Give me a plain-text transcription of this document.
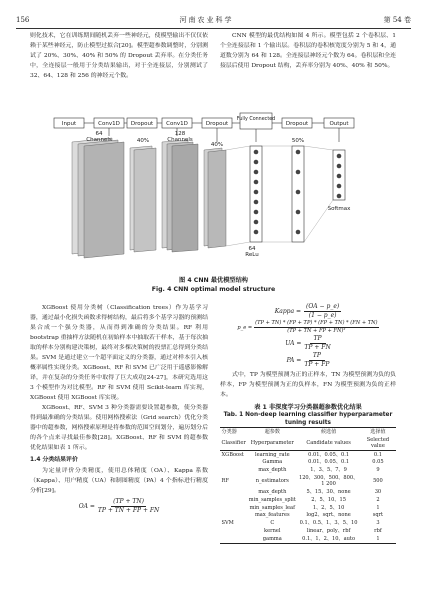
156	河南农业科学	第 54 卷

则化技术，它在训练期间随机丢弃一些神经元，使模型输出不仅仅依赖于某些神经元，防止模型过拟合[20]。模型超参数调整时，分别测试了 20%、30%、40% 和 50% 的 Dropout 丢弃率。在分类任务中，全连接层一般用于分类结果输出，对于全连接层，分别测试了 32、64、128 和 256 的神经元个数。

CNN 模型的最优结构如图 4 所示。模型包括 2 个卷积层、1 个全连接层和 1 个输出层。卷积层的卷积核宽度分别为 5 和 4，通道数分别为 64 和 128。全连接层神经元个数为 64。卷积层和全连接层后使用 Dropout 结构，丢弃率分别为 40%、40% 和 50%。

Input	Conv1D	Conv1D
Dropout	Dropout
Fully Connected
Dropout	Output
64
Channels	40%
128
Channels
40%
64
ReLu
50%
Softmax
图 4 CNN 最优模型结构
Fig. 4 CNN optimal model structure

XGBoost 使用分类树（Classification trees）作为基学习器，通过最小化损失函数求得树结构，最后将多个基学习器的预测结果合成一个强分类器，从而得到准确的分类结果。RF 利用 bootstrap 重抽样方法随机在初始样本中抽取若干样本，基于每次抽取的样本分别构建决策树，最终对多棵决策树的投票汇总得到分类结果。SVM 是通过建立一个超平面定义的分类器，通过对样本引入核概率属性实现分类。XGBoost、RF 和 SVM 已广泛用于遥感影像解译，并在复杂的分类任务中取得了巨大成功[24-27]，本研究选用这 3 个模型作为对比模型。RF 和 SVM 使用 Scikit-learn 库实现，XGBoost 使用 XGBoost 库实现。

XGBoost、RF、SVM 3 种分类器需要设置超参数，使分类器得到最准确的分类结果。使用网格搜索法（Grid search）优化分类器中的超参数，网格搜索原理是将参数的范围空间划分，遍历划分后的各个点来寻找最佳参数[28]。XGBoost、RF 和 SVM 的超参数优化结果如表 1 所示。

1.4 分类结果评价

为定量评价分类精度，使用总体精度（OA）、Kappa 系数（Kappa）、用户精度（UA）和制图精度（PA）4 个指标进行精度分析[29]。

OA = $\frac{(TP + TN)}{TP + TN + FP + FN}$
Kappa = $\frac{(OA - p\_e)}{(1 - p\_e)}$
p_e = $\frac{(TP + TN) * (FP + TP) * (FP + TN) * (FN + TN)}{\text{(TP + TN + FP + FN)²}}$
UA = $\frac{TP}{TP + FN}$
PA = $\frac{TP}{TP + FP}$

式中，TP 为模型预测为正的正样本，TN 为模型预测为负的负样本，FP 为模型预测为正的负样本，FN 为模型预测为负的正样本。

表 1 非深度学习分类器超参数优化结果
Tab. 1 Non-deep learning classifier hyperparameter tuning results
分类器	超参数	候选值	选择值
Classifier	Hyperparameter	Candidate values	Selected value
XGBoost	learning_rate	0.01、0.05、0.1	0.1
	Gamma	0.01、0.05、0.1	0.05
	max_depth	1、3、5、7、9	9
RF	n_estimators	120、300、500、800、1 200	500
	max_depth	5、15、30、none	30
	min_samples_split	2、5、10、15	2
	min_samples_leaf	1、2、5、10	1
	max_features	log2、sqrt、none	sqrt
SVM	C	0.1、0.5、1、3、5、10	3
	kernel	linear、poly、rbf	rbf
	gamma	0.1、1、2、10、auto	1
